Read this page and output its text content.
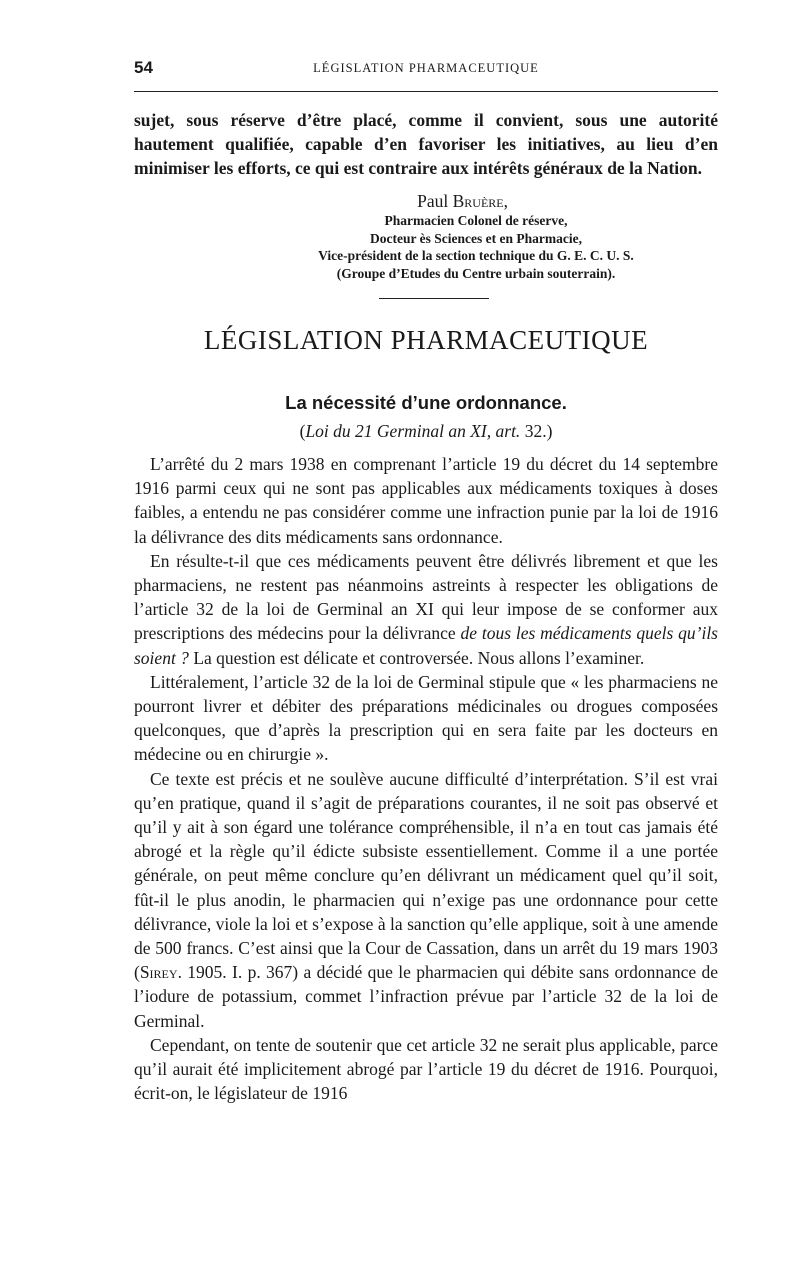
54	LÉGISLATION PHARMACEUTIQUE

sujet, sous réserve d’être placé, comme il convient, sous une autorité hautement qualifiée, capable d’en favoriser les initiatives, au lieu d’en minimiser les efforts, ce qui est contraire aux intérêts généraux de la Nation.

Paul Bruère,
Pharmacien Colonel de réserve,
Docteur ès Sciences et en Pharmacie,
Vice-président de la section technique du G. E. C. U. S.
(Groupe d’Etudes du Centre urbain souterrain).
LÉGISLATION PHARMACEUTIQUE
La nécessité d’une ordonnance.
(Loi du 21 Germinal an XI, art. 32.)

L’arrêté du 2 mars 1938 en comprenant l’article 19 du décret du 14 septembre 1916 parmi ceux qui ne sont pas applicables aux médicaments toxiques à doses faibles, a entendu ne pas considérer comme une infraction punie par la loi de 1916 la délivrance des dits médicaments sans ordonnance.

En résulte-t-il que ces médicaments peuvent être délivrés librement et que les pharmaciens, ne restent pas néanmoins astreints à respecter les obligations de l’article 32 de la loi de Germinal an XI qui leur impose de se conformer aux prescriptions des médecins pour la délivrance de tous les médicaments quels qu’ils soient ? La question est délicate et controversée. Nous allons l’examiner.

Littéralement, l’article 32 de la loi de Germinal stipule que « les pharmaciens ne pourront livrer et débiter des préparations médicinales ou drogues composées quelconques, que d’après la prescription qui en sera faite par les docteurs en médecine ou en chirurgie ».

Ce texte est précis et ne soulève aucune difficulté d’interprétation. S’il est vrai qu’en pratique, quand il s’agit de préparations courantes, il ne soit pas observé et qu’il y ait à son égard une tolérance compréhensible, il n’a en tout cas jamais été abrogé et la règle qu’il édicte subsiste essentiellement. Comme il a une portée générale, on peut même conclure qu’en délivrant un médicament quel qu’il soit, fût-il le plus anodin, le pharmacien qui n’exige pas une ordonnance pour cette délivrance, viole la loi et s’expose à la sanction qu’elle applique, soit à une amende de 500 francs. C’est ainsi que la Cour de Cassation, dans un arrêt du 19 mars 1903 (Sirey. 1905. I. p. 367) a décidé que le pharmacien qui débite sans ordonnance de l’iodure de potassium, commet l’infraction prévue par l’article 32 de la loi de Germinal.

Cependant, on tente de soutenir que cet article 32 ne serait plus applicable, parce qu’il aurait été implicitement abrogé par l’article 19 du décret de 1916. Pourquoi, écrit-on, le législateur de 1916
